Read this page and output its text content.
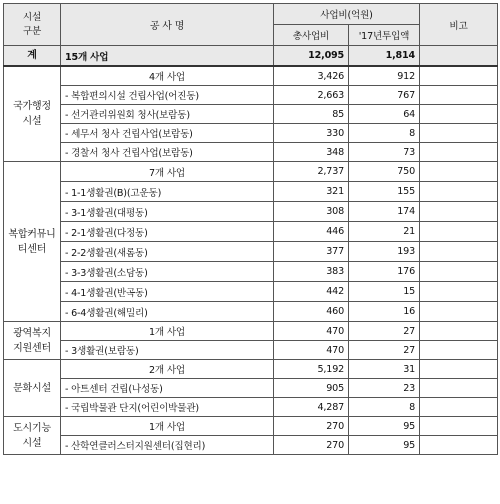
시설
구분	공 사 명	사업비(억원)		비고
		총사업비	'17년투입액	
계	15개 사업	12,095	1,814	
국가행정
시설	4개 사업	3,426	912	
	- 복합편의시설 건립사업(어진동)	2,663	767	
	- 선거관리위원회 청사(보람동)	85	64	
	- 세무서 청사 건립사업(보람동)	330	8	
	- 경찰서 청사 건립사업(보람동)	348	73	
복합커뮤니
티센터	7개 사업	2,737	750	
	- 1-1생활권(B)(고운동)	321	155	
	- 3-1생활권(대평동)	308	174	
	- 2-1생활권(다정동)	446	21	
	- 2-2생활권(새롬동)	377	193	
	- 3-3생활권(소담동)	383	176	
	- 4-1생활권(반곡동)	442	15	
	- 6-4생활권(해밀리)	460	16	
광역복지
지원센터	1개 사업	470	27	
	- 3생활권(보람동)	470	27	
문화시설	2개 사업	5,192	31	
	- 아트센터 건립(나성동)	905	23	
	- 국립박물관 단지(어린이박물관)	4,287	8	
도시기능
시설	1개 사업	270	95	
	- 산학연클러스터지원센터(집현리)	270	95	
